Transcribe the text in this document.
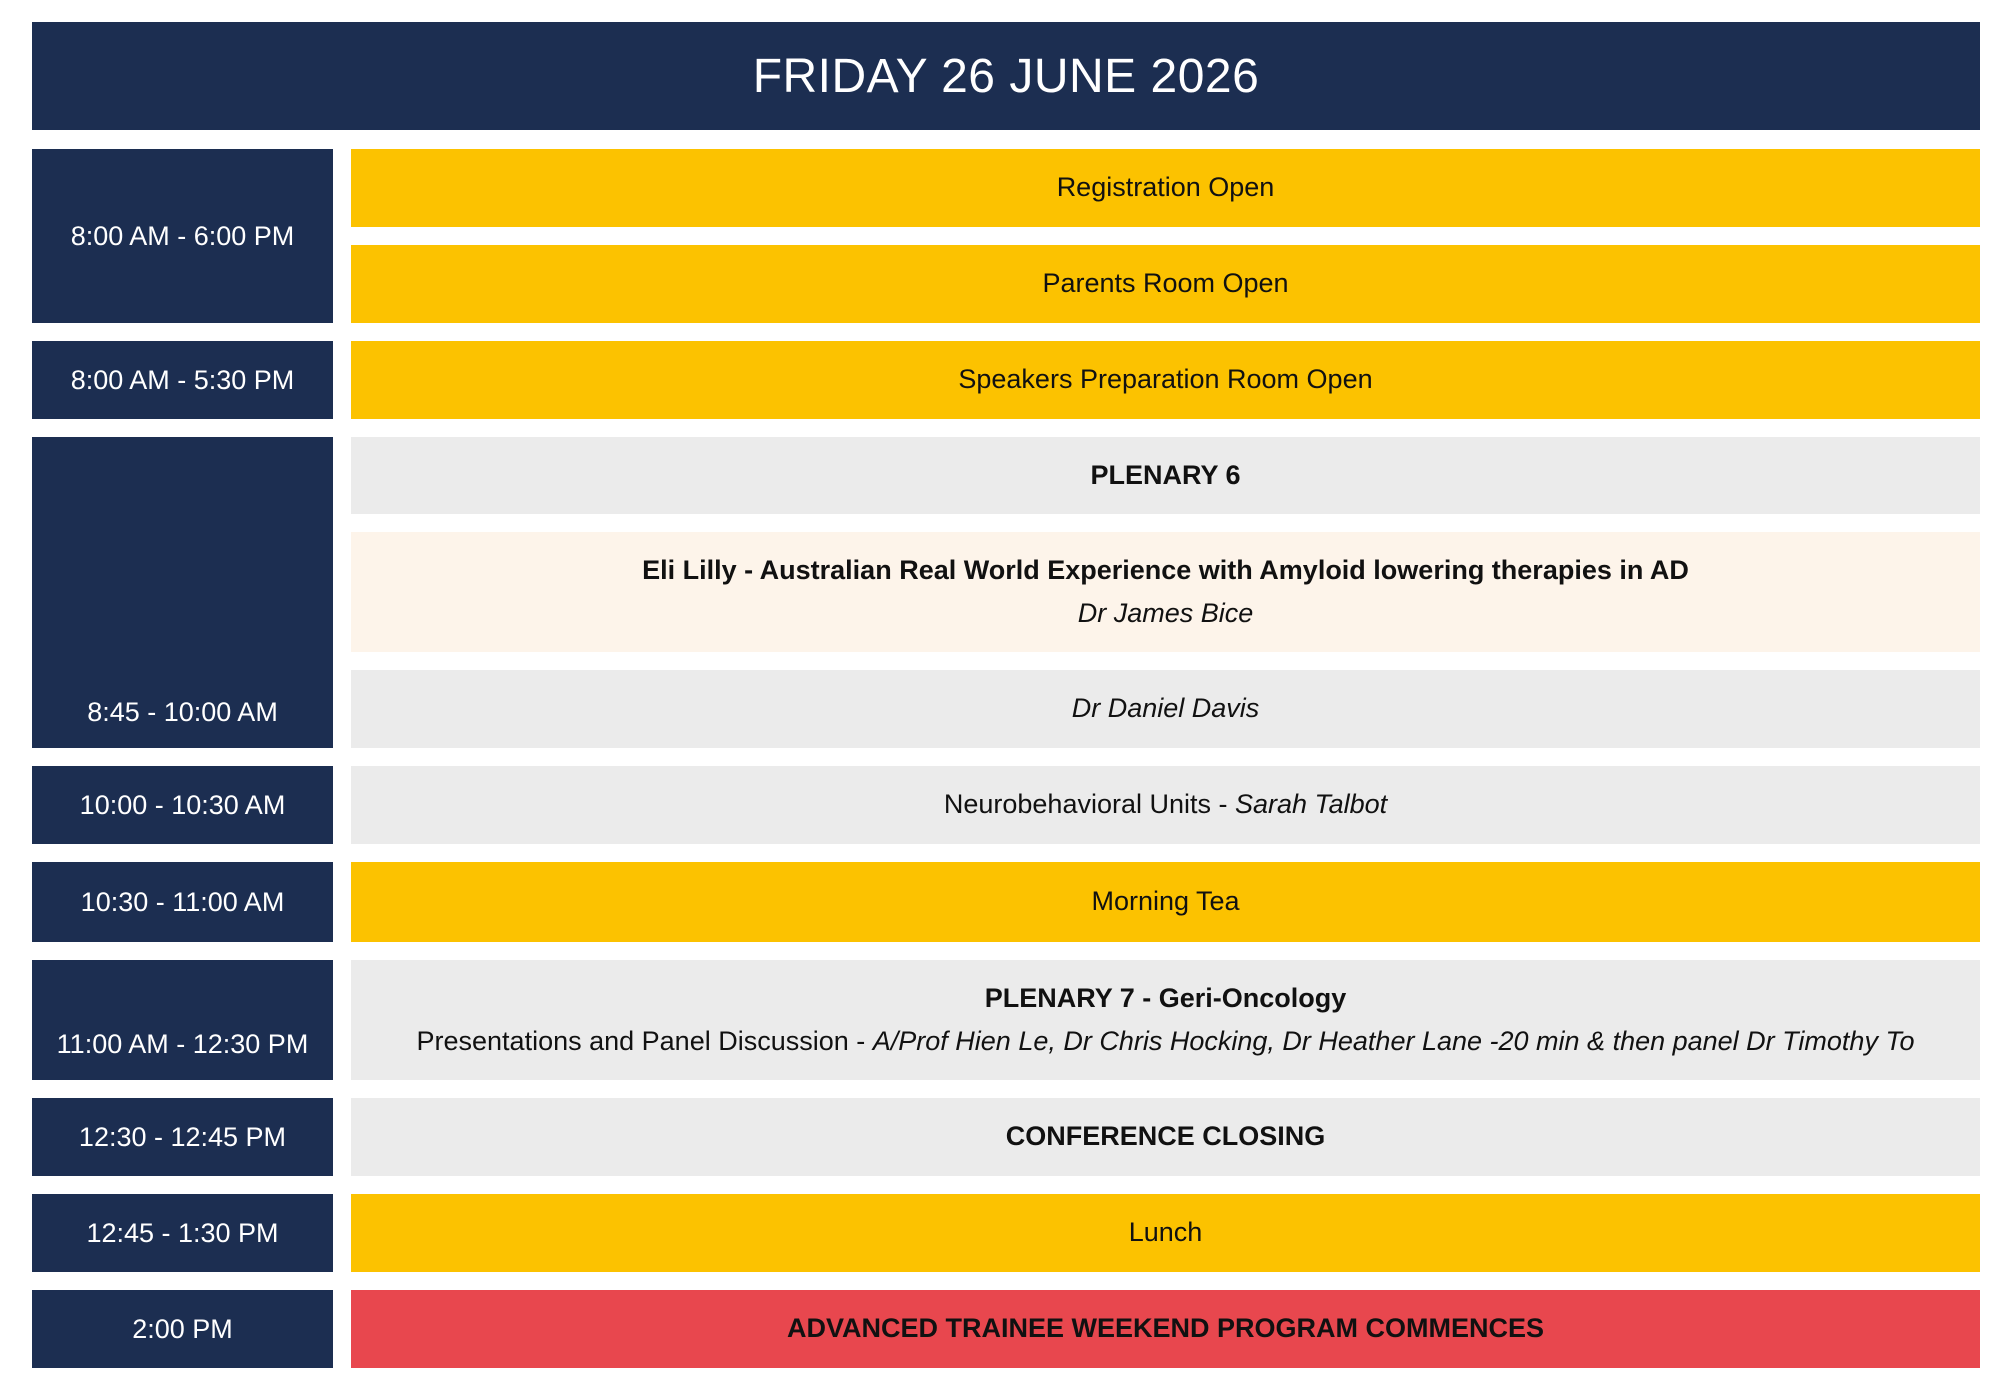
FRIDAY 26 JUNE 2026
8:00 AM - 6:00 PM
8:00 AM - 5:30 PM
8:45 - 10:00 AM
10:00 - 10:30 AM
10:30 - 11:00 AM
11:00 AM - 12:30 PM
12:30 - 12:45 PM
12:45 - 1:30 PM
2:00 PM
Registration Open
Parents Room Open
Speakers Preparation Room Open
PLENARY 6
Eli Lilly - Australian Real World Experience with Amyloid lowering therapies in AD
Dr James Bice
Dr Daniel Davis
Neurobehavioral Units - Sarah Talbot
Morning Tea
PLENARY 7 - Geri-Oncology
Presentations and Panel Discussion - A/Prof Hien Le, Dr Chris Hocking, Dr Heather Lane -20 min & then panel Dr Timothy To
CONFERENCE CLOSING
Lunch
ADVANCED TRAINEE WEEKEND PROGRAM COMMENCES
